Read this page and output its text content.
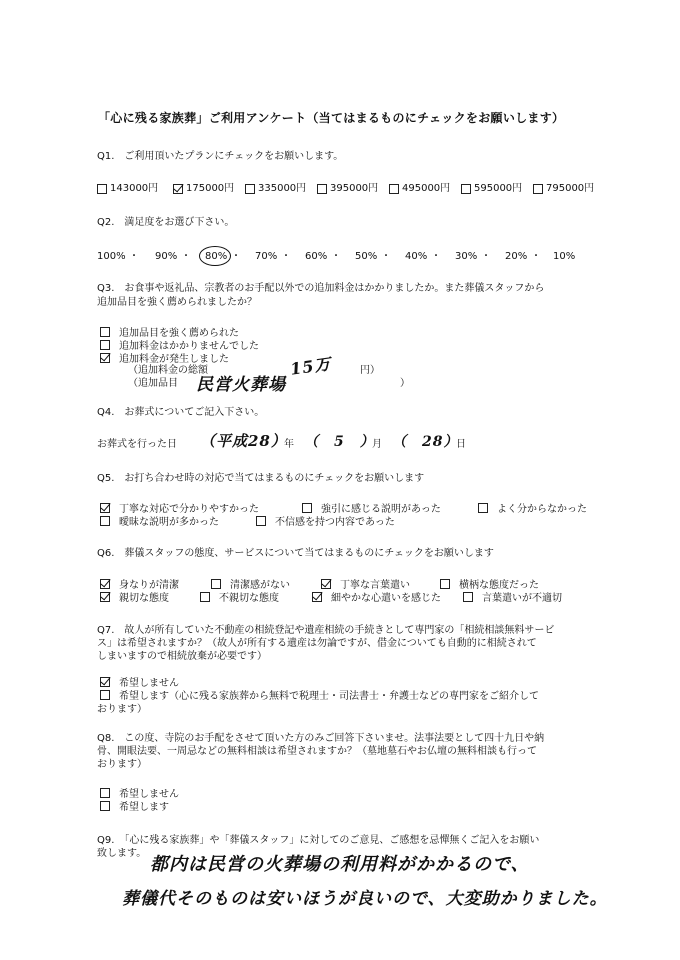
「心に残る家族葬」ご利用アンケート（当てはまるものにチェックをお願いします）
Q1.　ご利用頂いたプランにチェックをお願いします。
143000円	175000円 335000円 395000円 495000円 595000円 795000円
Q2.　満足度をお選び下さい。
100% ・ 90% ・ 80% ・ 70% ・ 60% ・ 50% ・ 40% ・ 30% ・ 20% ・ 10%
Q3.　お食事や返礼品、宗教者のお手配以外での追加料金はかかりましたか。また葬儀スタッフから
追加品目を強く薦められましたか？
追加品目を強く薦められた
追加料金はかかりませんでした
追加料金が発生しました
（追加料金の総額	円）
15万
（追加品目	）
民営火葬場
Q4.　お葬式についてご記入下さい。
お葬式を行った日 （平成28）
年 （　5　）
月 （　28）
日
Q5.　お打ち合わせ時の対応で当てはまるものにチェックをお願いします
丁寧な対応で分かりやすかった	強引に感じる説明があった	よく分からなかった
曖昧な説明が多かった	不信感を持つ内容であった
Q6.　葬儀スタッフの態度、サービスについて当てはまるものにチェックをお願いします
身なりが清潔	清潔感がない	丁寧な言葉遣い	横柄な態度だった
親切な態度	不親切な態度	細やかな心遣いを感じた	言葉遣いが不適切
Q7.　故人が所有していた不動産の相続登記や遺産相続の手続きとして専門家の「相続相談無料サービ
ス」は希望されますか？（故人が所有する遺産は勿論ですが、借金についても自動的に相続されて
しまいますので相続放棄が必要です）
希望しません
希望します（心に残る家族葬から無料で税理士・司法書士・弁護士などの専門家をご紹介して
おります）
Q8.　この度、寺院のお手配をさせて頂いた方のみご回答下さいませ。法事法要として四十九日や納
骨、開眼法要、一周忌などの無料相談は希望されますか？（墓地墓石やお仏壇の無料相談も行って
おります）
希望しません
希望します
Q9.　「心に残る家族葬」や「葬儀スタッフ」に対してのご意見、ご感想を忌憚無くご記入をお願い
致します。
都内は民営の火葬場の利用料がかかるので、
葬儀代そのものは安いほうが良いので、大変助かりました。
